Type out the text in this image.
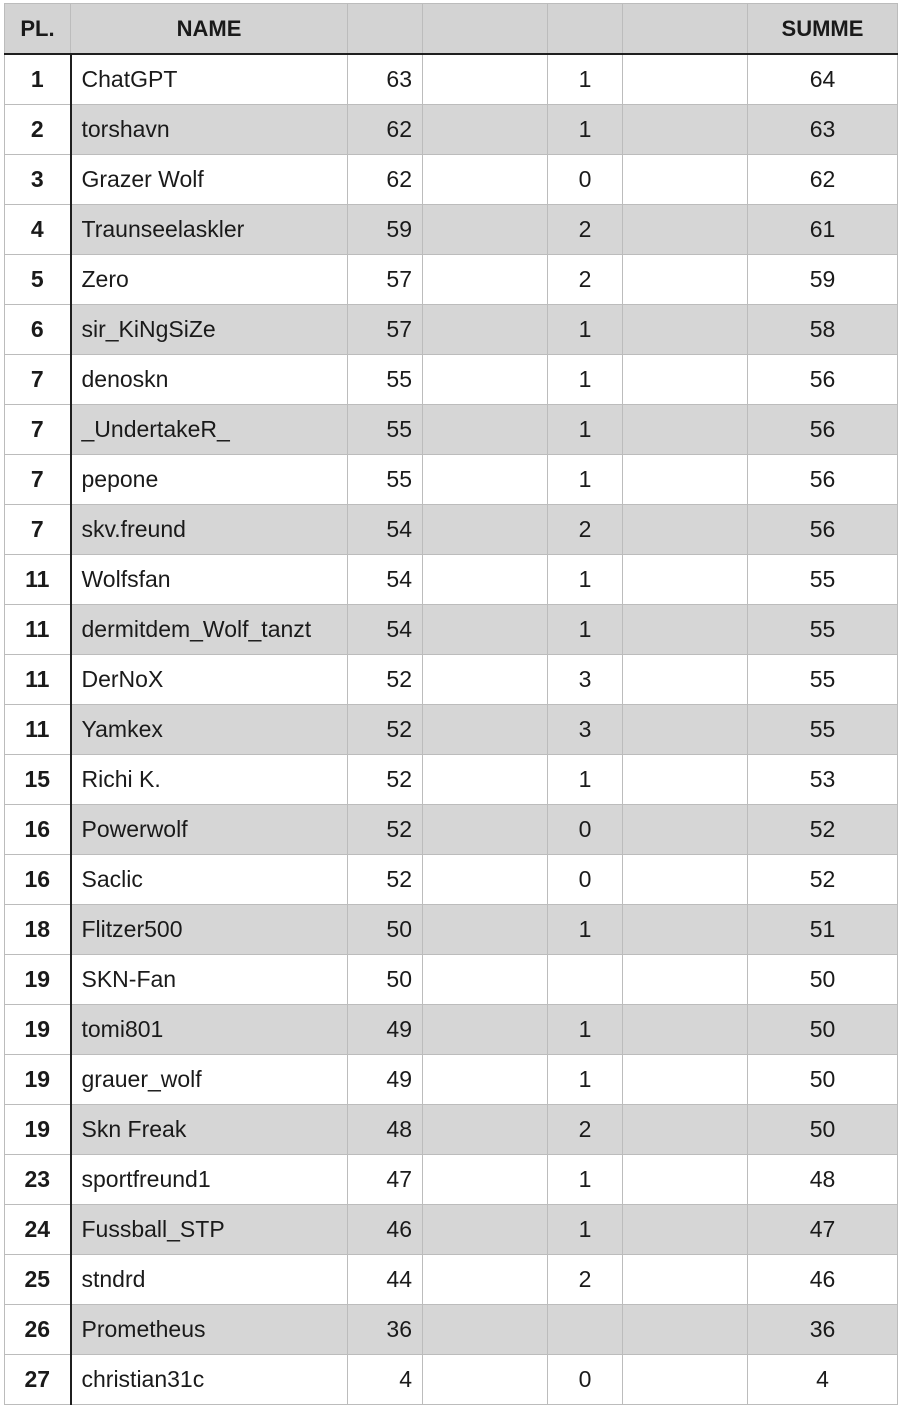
PL.	NAME					SUMME
1	ChatGPT	63		1		64
2	torshavn	62		1		63
3	Grazer Wolf	62		0		62
4	Traunseelaskler	59		2		61
5	Zero	57		2		59
6	sir_KiNgSiZe	57		1		58
7	denoskn	55		1		56
7	_UndertakeR_	55		1		56
7	pepone	55		1		56
7	skv.freund	54		2		56
11	Wolfsfan	54		1		55
11	dermitdem_Wolf_tanzt	54		1		55
11	DerNoX	52		3		55
11	Yamkex	52		3		55
15	Richi K.	52		1		53
16	Powerwolf	52		0		52
16	Saclic	52		0		52
18	Flitzer500	50		1		51
19	SKN-Fan	50				50
19	tomi801	49		1		50
19	grauer_wolf	49		1		50
19	Skn Freak	48		2		50
23	sportfreund1	47		1		48
24	Fussball_STP	46		1		47
25	stndrd	44		2		46
26	Prometheus	36				36
27	christian31c	4		0		4
